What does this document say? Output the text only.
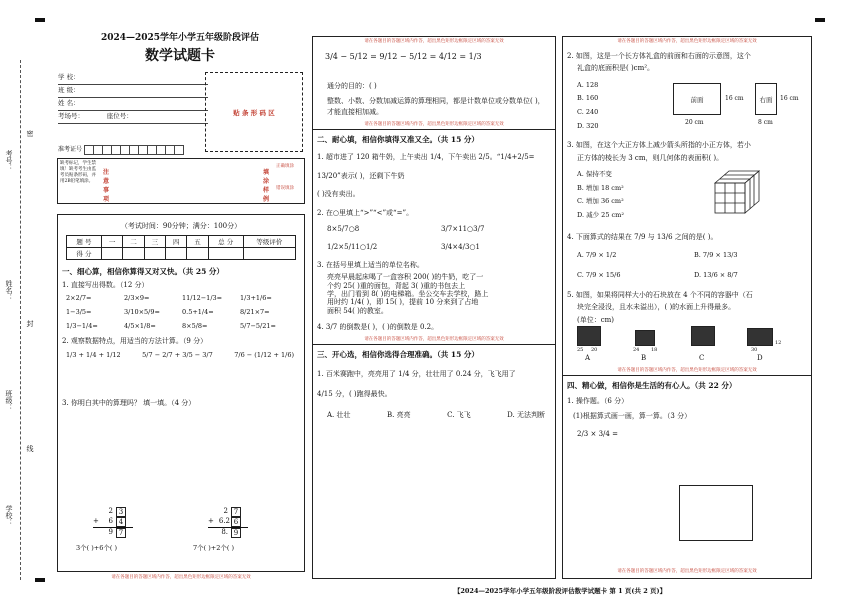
考号：
姓名：
班级：
学校：
密
封
线
2024—2025学年小学五年级阶段评估
数学试题卡
学 校：
班 级：
姓 名：
考场号：	座位号：
准考证号
贴 条 形 码 区
缺考标记，学生禁填！缺考考生由监考员贴条形码，并用2B铅笔填涂。
注意事项
填涂样例
正确填涂
错误填涂
（考试时间：90分钟；满分：100分）
题 号	一	二	三	四	五	总 分	等级评价
得 分							
一、细心算，相信你算得又对又快。（共 25 分）
1. 直接写出得数。（12 分）
2×2/7=	2/3×9=	11/12−1/3=	1/3+1/6=
1−3/5=	3/10×5/9=	0.5+1/4=	8/21×7=
1/3−1/4=	4/5×1/8=	8×5/8=	5/7−5/21=
2. 观察数据特点，用适当的方法计算。（9 分）
1/3 + 1/4 + 1/12	5/7 − 2/7 + 3/5 − 3/7	7/6 − (1/12 + 1/6)
3. 你明白其中的算理吗？ 填一填。（4 分）
2 3
+	6 4
9 7
2 7
+ 6.2 6
8. 9
3个( )+6个( )	7个( )+2个( )
请在各题目的答题区域内作答，超出黑色矩形边框限定区域的答案无效
请在各题目的答题区域内作答，超出黑色矩形边框限定区域的答案无效
3/4 − 5/12 = 9/12 − 5/12 = 4/12 = 1/3
通分的目的：( )
整数、小数、分数加减运算的算理相同，都是计数单位或分数单位( )，才能直接相加减。
请在各题目的答题区域内作答，超出黑色矩形边框限定区域的答案无效
二、耐心填，相信你填得又准又全。（共 15 分）
1. 超市进了 120 箱牛奶，上午卖出 1/4，下午卖出 2/5。“1/4+2/5=
13/20”表示( )，还剩下牛奶
( )没有卖出。
2. 在○里填上“>”“<”或“=”。
8×5/7○8	3/7×11○3/7
1/2×5/11○1/2	3/4×4/3○1
3. 在括号里填上适当的单位名称。
亮亮早晨起床喝了一盒容积 200( )的牛奶，吃了一
个约 25( )重的面包，背起 3( )重的书包去上
学，出门看到 8( )的电梯箱。坐公交车去学校，路上
用时约 1/4( )，即 15( )，提前 10 分来到了占地
面积 54( )的教室。
4. 3/7 的倒数是( )，( )的倒数是 0.2。
请在各题目的答题区域内作答，超出黑色矩形边框限定区域的答案无效
三、开心选，相信你选得合理准确。（共 15 分）
1. 百米赛跑中，亮亮用了 1/4 分，壮壮用了 0.24 分，飞飞用了
4/15 分，( )跑得最快。
A. 壮壮	B. 亮亮	C. 飞飞	D. 无法判断
请在各题目的答题区域内作答，超出黑色矩形边框限定区域的答案无效
2. 如图，这是一个长方体礼盒的前面和右面的示意图，这个
礼盒的底面积是( )cm²。
A. 128
B. 160
C. 240
D. 320
前面	16 cm
20 cm
右面 16 cm
8 cm
3. 如图，在这个大正方体上减少箭头所指的小正方体，若小
正方体的棱长为 3 cm，则几何体的表面积( )。
A. 保持不变
B. 增加 18 cm²
C. 增加 36 cm²
D. 减少 25 cm²
4. 下面算式的结果在 7/9 与 13/6 之间的是( )。
A. 7/9 × 1/2	B. 7/9 × 13/3
C. 7/9 × 15/6	D. 13/6 × 8/7
5. 如图，如果将同样大小的石块放在 4 个不同的容器中（石
块完全浸没，且水未溢出），( )的水面上升得最多。
(单位：cm)
25 20	24 18	30
12
A	B	C	D
请在各题目的答题区域内作答，超出黑色矩形边框限定区域的答案无效
四、精心做，相信你是生活的有心人。（共 22 分）
1. 操作题。（6 分）
(1)根据算式画一画，算一算。（3 分）
2/3 × 3/4 =
请在各题目的答题区域内作答，超出黑色矩形边框限定区域的答案无效
【2024—2025学年小学五年级阶段评估数学试题卡 第 1 页(共 2 页)】
